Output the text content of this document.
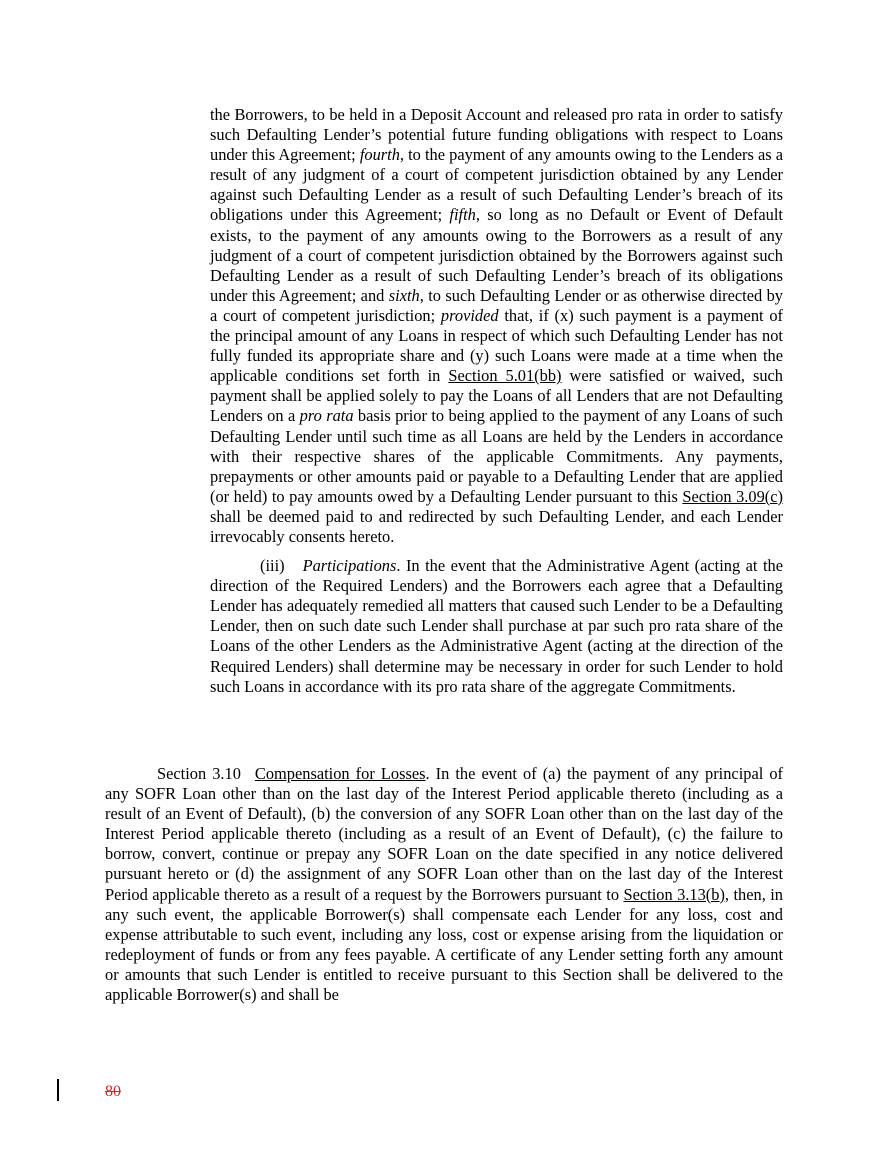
the Borrowers, to be held in a Deposit Account and released pro rata in order to satisfy such Defaulting Lender’s potential future funding obligations with respect to Loans under this Agreement; fourth, to the payment of any amounts owing to the Lenders as a result of any judgment of a court of competent jurisdiction obtained by any Lender against such Defaulting Lender as a result of such Defaulting Lender’s breach of its obligations under this Agreement; fifth, so long as no Default or Event of Default exists, to the payment of any amounts owing to the Borrowers as a result of any judgment of a court of competent jurisdiction obtained by the Borrowers against such Defaulting Lender as a result of such Defaulting Lender’s breach of its obligations under this Agreement; and sixth, to such Defaulting Lender or as otherwise directed by a court of competent jurisdiction; provided that, if (x) such payment is a payment of the principal amount of any Loans in respect of which such Defaulting Lender has not fully funded its appropriate share and (y) such Loans were made at a time when the applicable conditions set forth in Section 5.01(bb) were satisfied or waived, such payment shall be applied solely to pay the Loans of all Lenders that are not Defaulting Lenders on a pro rata basis prior to being applied to the payment of any Loans of such Defaulting Lender until such time as all Loans are held by the Lenders in accordance with their respective shares of the applicable Commitments. Any payments, prepayments or other amounts paid or payable to a Defaulting Lender that are applied (or held) to pay amounts owed by a Defaulting Lender pursuant to this Section 3.09(c) shall be deemed paid to and redirected by such Defaulting Lender, and each Lender irrevocably consents hereto.

(iii) Participations. In the event that the Administrative Agent (acting at the direction of the Required Lenders) and the Borrowers each agree that a Defaulting Lender has adequately remedied all matters that caused such Lender to be a Defaulting Lender, then on such date such Lender shall purchase at par such pro rata share of the Loans of the other Lenders as the Administrative Agent (acting at the direction of the Required Lenders) shall determine may be necessary in order for such Lender to hold such Loans in accordance with its pro rata share of the aggregate Commitments.

Section 3.10 Compensation for Losses. In the event of (a) the payment of any principal of any SOFR Loan other than on the last day of the Interest Period applicable thereto (including as a result of an Event of Default), (b) the conversion of any SOFR Loan other than on the last day of the Interest Period applicable thereto (including as a result of an Event of Default), (c) the failure to borrow, convert, continue or prepay any SOFR Loan on the date specified in any notice delivered pursuant hereto or (d) the assignment of any SOFR Loan other than on the last day of the Interest Period applicable thereto as a result of a request by the Borrowers pursuant to Section 3.13(b), then, in any such event, the applicable Borrower(s) shall compensate each Lender for any loss, cost and expense attributable to such event, including any loss, cost or expense arising from the liquidation or redeployment of funds or from any fees payable. A certificate of any Lender setting forth any amount or amounts that such Lender is entitled to receive pursuant to this Section shall be delivered to the applicable Borrower(s) and shall be

80
